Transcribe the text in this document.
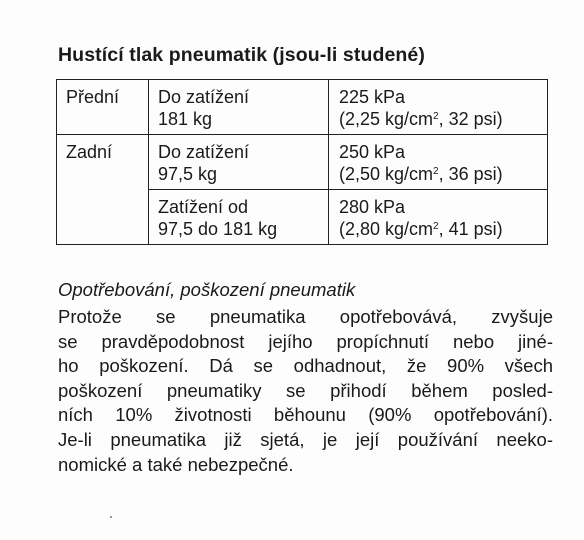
Hustící tlak pneumatik (jsou-li studené)
Přední	Do zatížení
181 kg	225 kPa
(2,25 $kg/cm^2$, 32 psi)

Zadní	Do zatížení
97,5 kg	250 kPa
(2,50 $kg/cm^2$, 36 psi)

	Zatížení od
97,5 do 181 kg	280 kPa
(2,80 $kg/cm^2$, 41 psi)
Opotřebování, poškození pneumatik
Protože se pneumatika opotřebovává, zvyšuje
se pravděpodobnost jejího propíchnutí nebo jiné-
ho poškození. Dá se odhadnout, že 90% všech
poškození pneumatiky se přihodí během posled-
ních 10% životnosti běhounu (90% opotřebování).
Je-li pneumatika již sjetá, je její používání neeko-
nomické a také nebezpečné.
